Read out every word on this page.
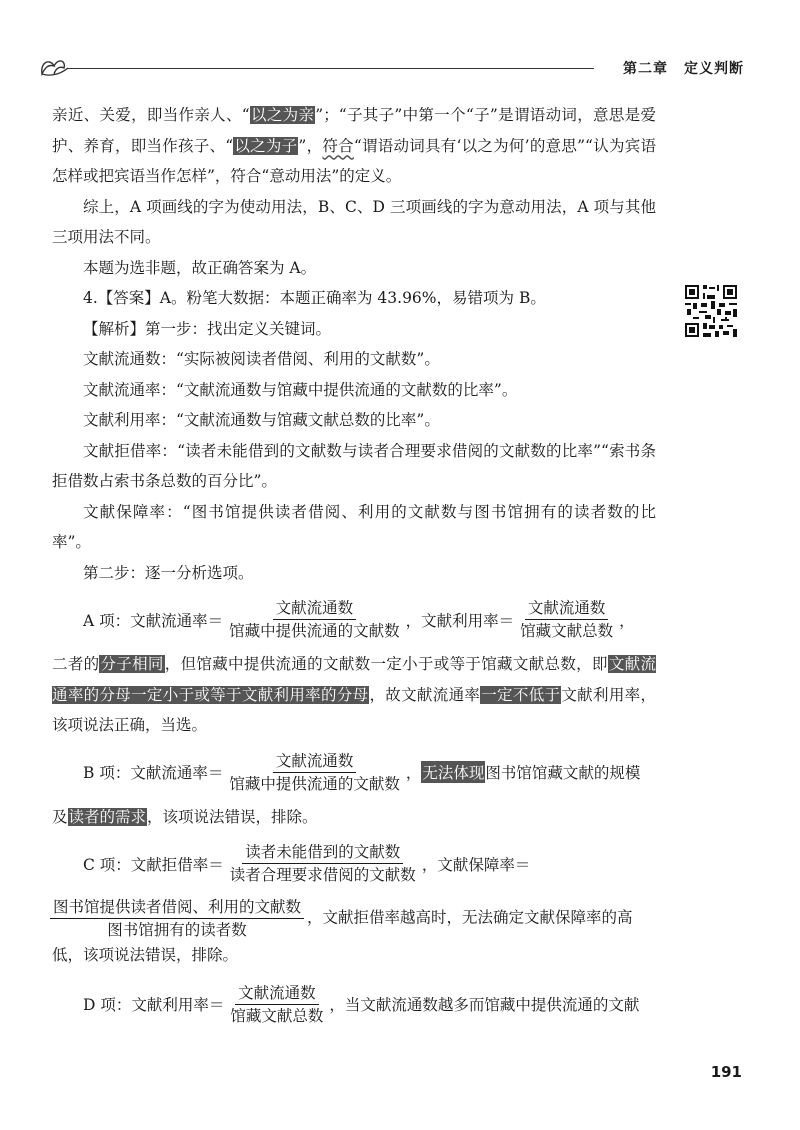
第二章 定义判断

亲近、关爱，即当作亲人、“以之为亲”；“子其子”中第一个“子”是谓语动词，意思是爱护、养育，即当作孩子、“以之为子”，符合“谓语动词具有‘以之为何’的意思”“认为宾语怎样或把宾语当作怎样”，符合“意动用法”的定义。

综上，A 项画线的字为使动用法，B、C、D 三项画线的字为意动用法，A 项与其他三项用法不同。

本题为选非题，故正确答案为 A。

4.【答案】A。粉笔大数据：本题正确率为 43.96%，易错项为 B。

【解析】第一步：找出定义关键词。

文献流通数：“实际被阅读者借阅、利用的文献数”。

文献流通率：“文献流通数与馆藏中提供流通的文献数的比率”。

文献利用率：“文献流通数与馆藏文献总数的比率”。

文献拒借率：“读者未能借到的文献数与读者合理要求借阅的文献数的比率”“索书条拒借数占索书条总数的百分比”。

文献保障率：“图书馆提供读者借阅、利用的文献数与图书馆拥有的读者数的比率”。

第二步：逐一分析选项。

A 项：文献流通率＝ $\frac{\text{文献流通数}}{\text{馆藏中提供流通的文献数}}$ ，文献利用率＝ $\frac{\text{文献流通数}}{\text{馆藏文献总数}}$ ，

二者的分子相同，但馆藏中提供流通的文献数一定小于或等于馆藏文献总数，即文献流通率的分母一定小于或等于文献利用率的分母，故文献流通率一定不低于文献利用率，该项说法正确，当选。

B 项：文献流通率＝ $\frac{\text{文献流通数}}{\text{馆藏中提供流通的文献数}}$ ， 无法体现 图书馆馆藏文献的规模

及读者的需求，该项说法错误，排除。

C 项：文献拒借率＝ $\frac{\text{读者未能借到的文献数}}{\text{读者合理要求借阅的文献数}}$ ，文献保障率＝
$\frac{\text{图书馆提供读者借阅、利用的文献数}}{\text{图书馆拥有的读者数}}$ ，文献拒借率越高时，无法确定文献保障率的高低，该项说法错误，排除。
D 项：文献利用率＝ $\frac{\text{文献流通数}}{\text{馆藏文献总数}}$ ，当文献流通数越多而馆藏中提供流通的文献
191
